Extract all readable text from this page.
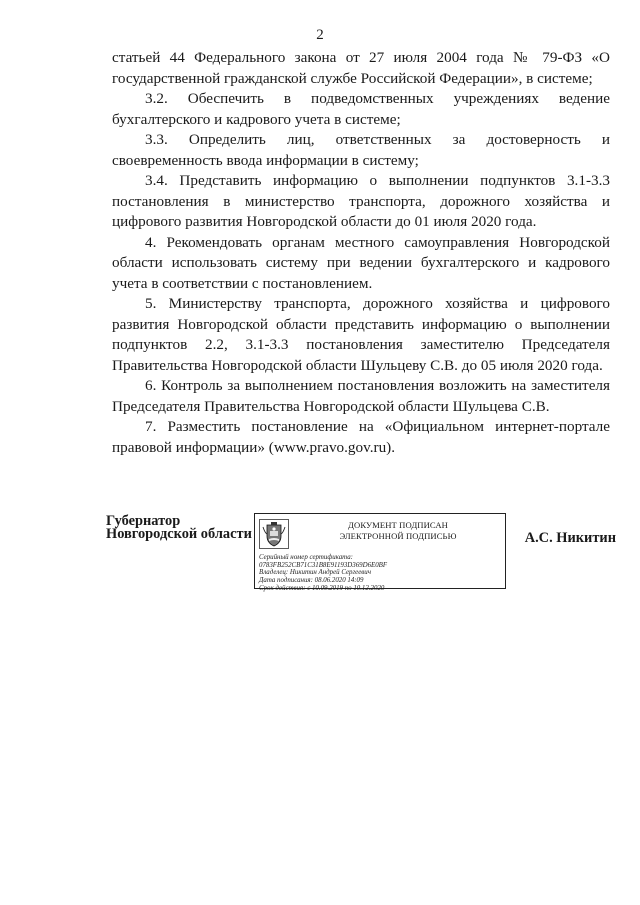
2

статьей 44 Федерального закона от 27 июля 2004 года № 79-ФЗ «О государственной гражданской службе Российской Федерации», в системе;

3.2. Обеспечить в подведомственных учреждениях ведение бухгалтерского и кадрового учета в системе;

3.3. Определить лиц, ответственных за достоверность и своевременность ввода информации в систему;

3.4. Представить информацию о выполнении подпунктов 3.1-3.3 постановления в министерство транспорта, дорожного хозяйства и цифрового развития Новгородской области до 01 июля 2020 года.

4. Рекомендовать органам местного самоуправления Новгородской области использовать систему при ведении бухгалтерского и кадрового учета в соответствии с постановлением.

5. Министерству транспорта, дорожного хозяйства и цифрового развития Новгородской области представить информацию о выполнении подпунктов 2.2, 3.1-3.3 постановления заместителю Председателя Правительства Новгородской области Шульцеву С.В. до 05 июля 2020 года.

6. Контроль за выполнением постановления возложить на заместителя Председателя Правительства Новгородской области Шульцева С.В.

7. Разместить постановление на «Официальном интернет-портале правовой информации» (www.pravo.gov.ru).

Губернатор
Новгородской области
ДОКУМЕНТ ПОДПИСАН
ЭЛЕКТРОННОЙ ПОДПИСЬЮ
Серийный номер сертификата:
0783FB252CB71C31B8E91193D369D6E0BF
Владелец: Никитин Андрей Сергеевич
Дата подписания: 08.06.2020 14:09
Срок действия: с 10.09.2019 по 10.12.2020
А.С. Никитин
